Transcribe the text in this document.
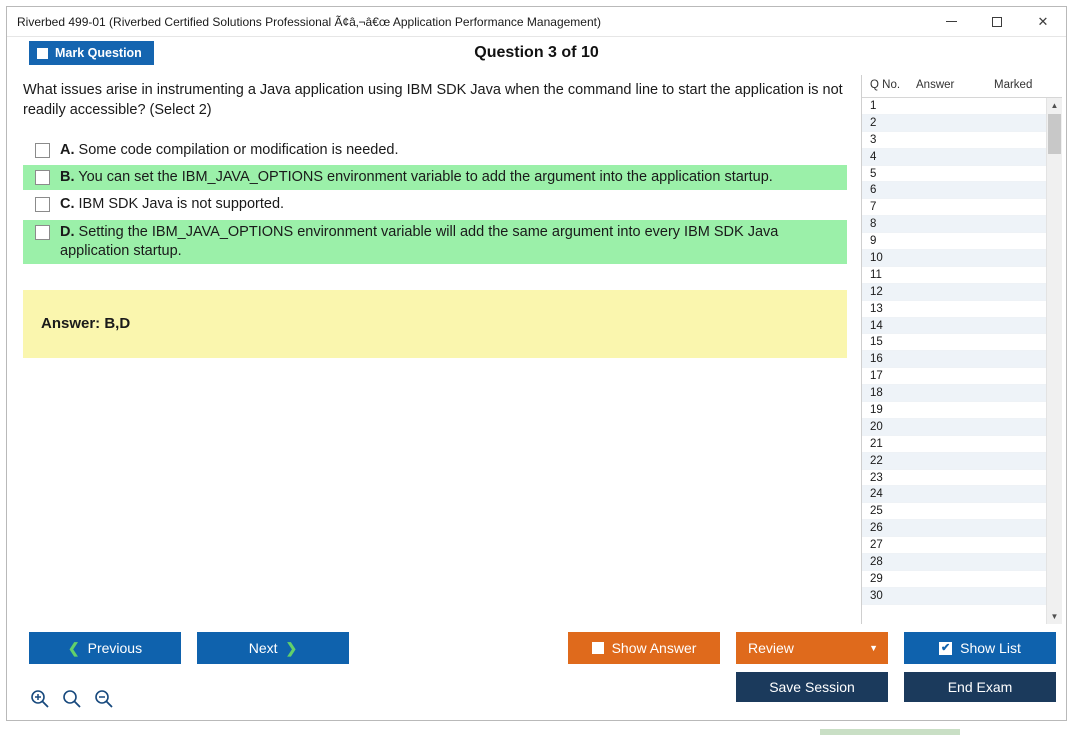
Riverbed 499-01 (Riverbed Certified Solutions Professional Ã¢â‚¬â€œ Application Performance Management)	✕
Mark Question	Question 3 of 10
What issues arise in instrumenting a Java application using IBM SDK Java when the command line to start the application is not readily accessible? (Select 2)
A. Some code compilation or modification is needed.
B. You can set the IBM_JAVA_OPTIONS environment variable to add the argument into the application startup.
C. IBM SDK Java is not supported.
D. Setting the IBM_JAVA_OPTIONS environment variable will add the same argument into every IBM SDK Java application startup.
Answer: B,D
Q No.	Answer	Marked
1
2
3
4
5
6
7
8
9
10
11
12
13
14
15
16
17
18
19
20
21
22
23
24
25
26
27
28
29
30
▲
▼
❮ Previous	Next ❯	Show Answer	Review	▼	✔ Show List
Save Session	End Exam
